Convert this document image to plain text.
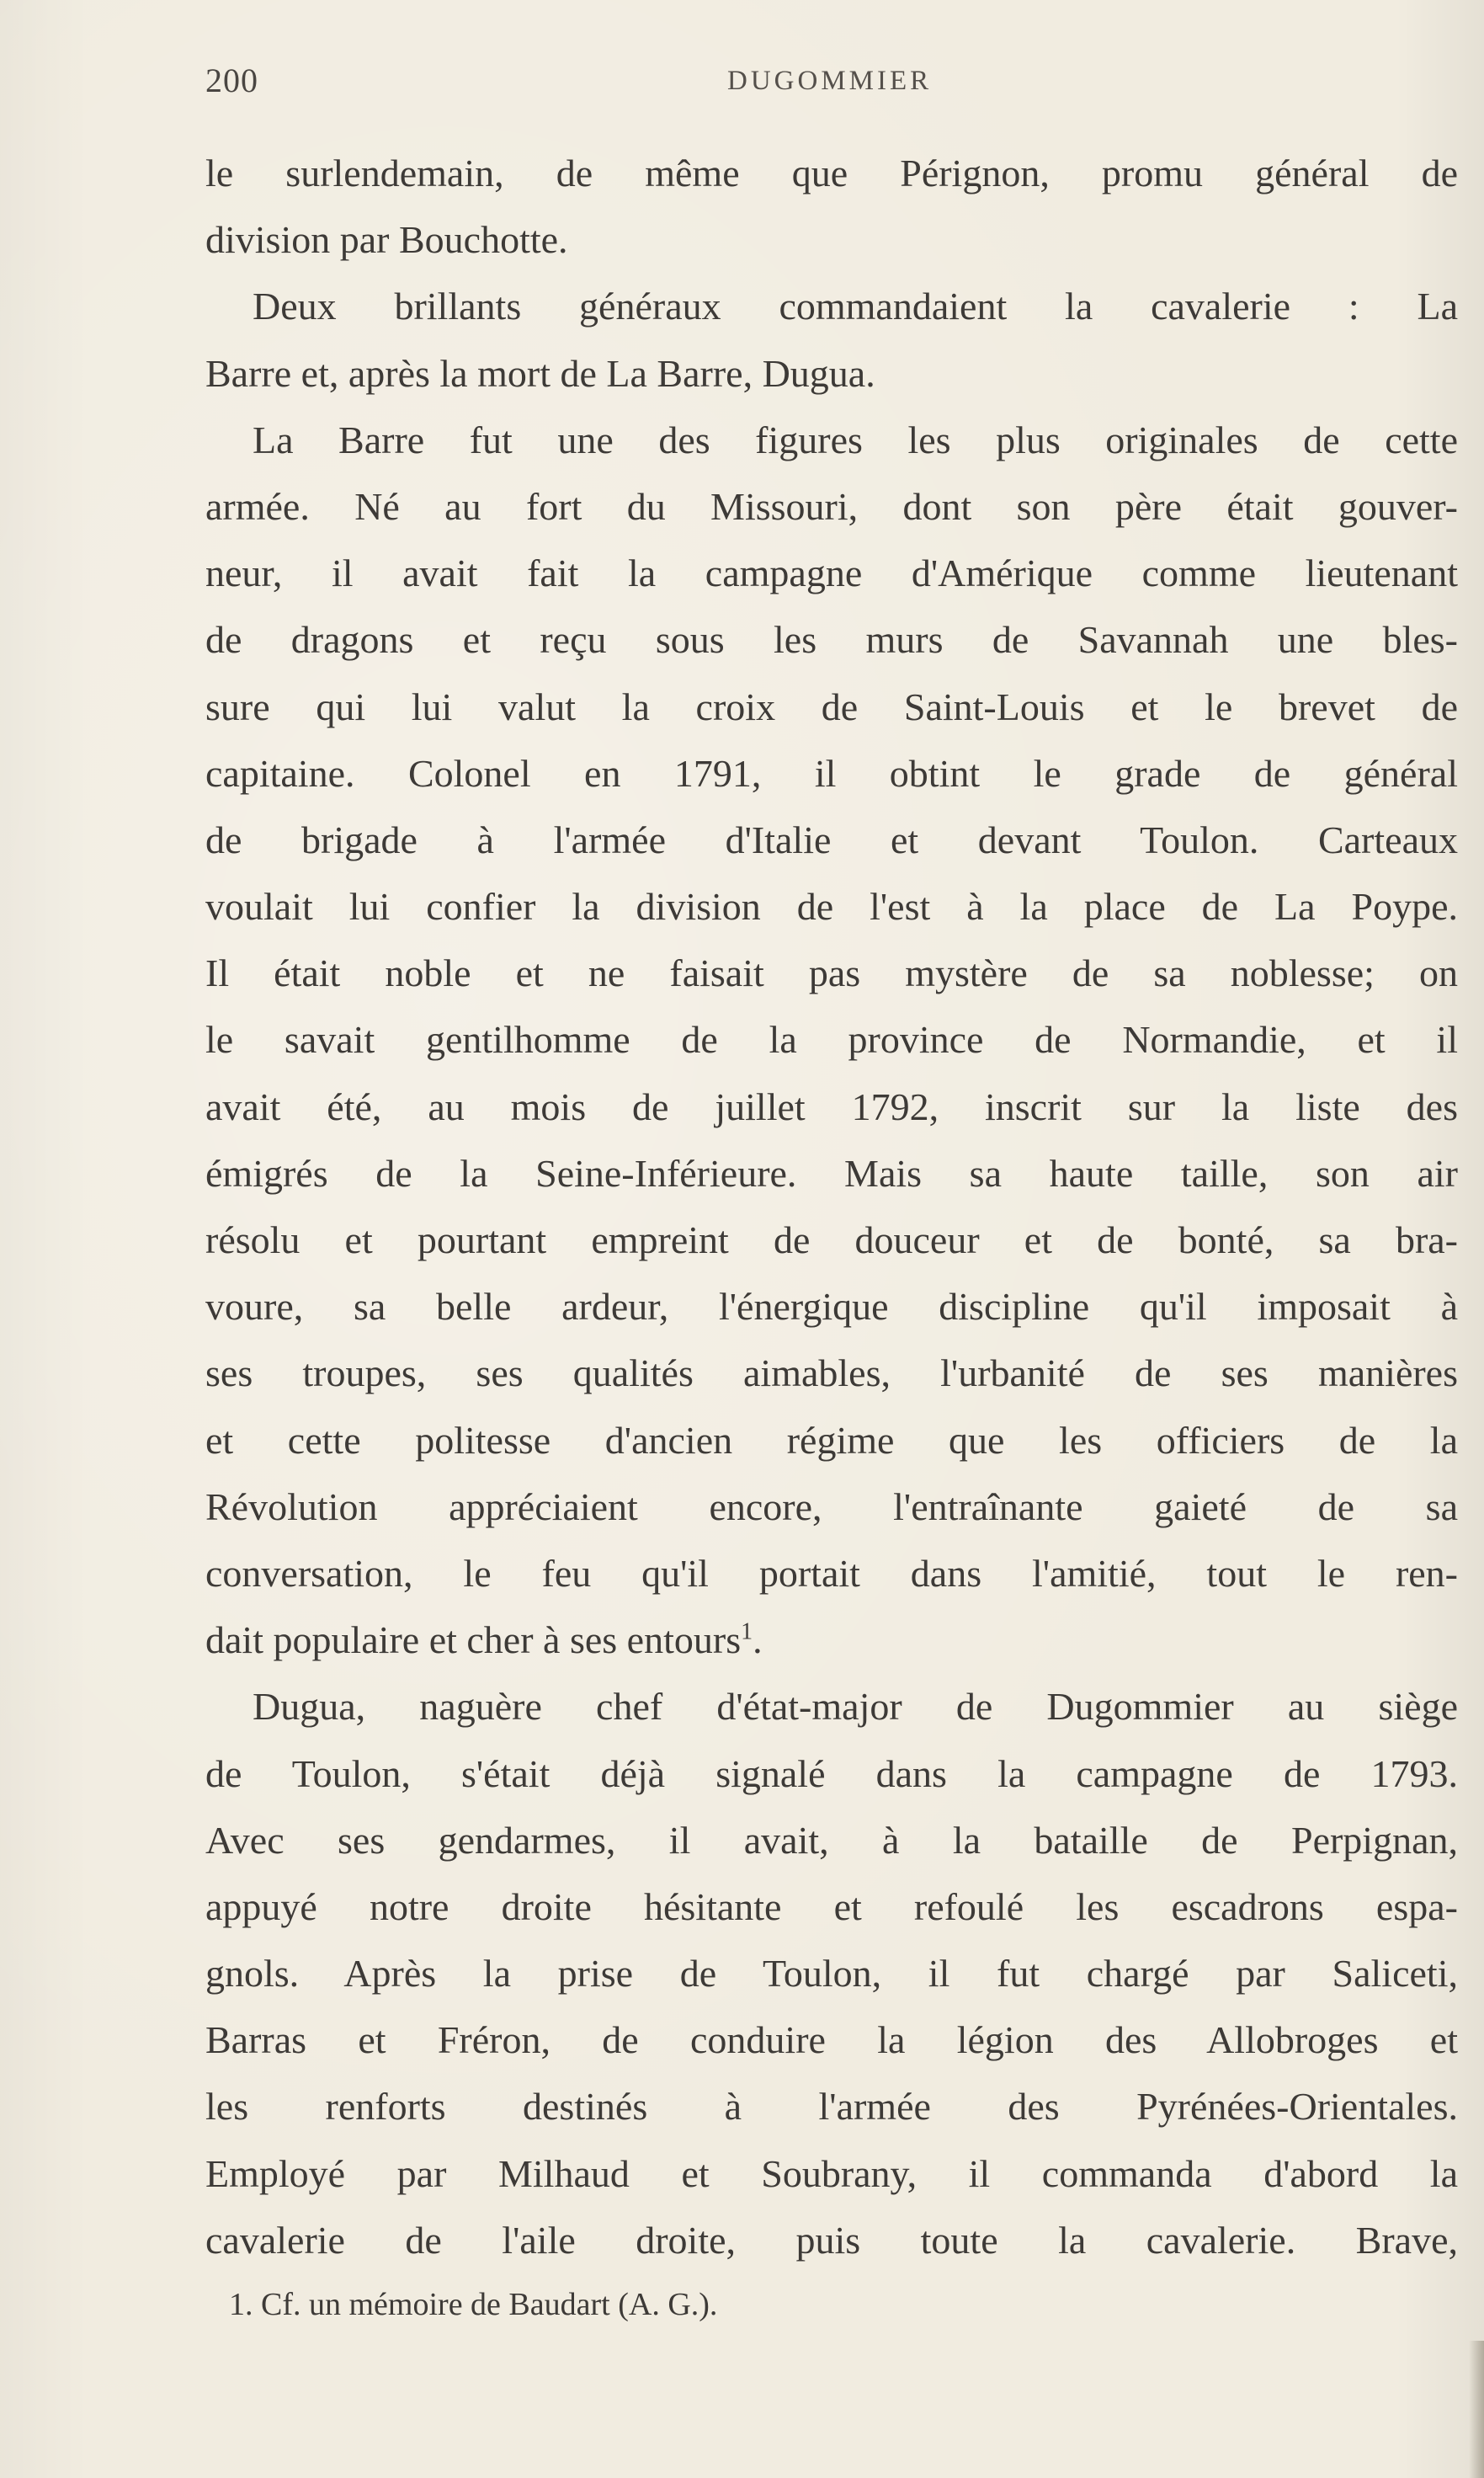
200	DUGOMMIER
le surlendemain, de même que Pérignon, promu général de
division par Bouchotte.
Deux brillants généraux commandaient la cavalerie : La
Barre et, après la mort de La Barre, Dugua.
La Barre fut une des figures les plus originales de cette
armée. Né au fort du Missouri, dont son père était gouver-
neur, il avait fait la campagne d'Amérique comme lieutenant
de dragons et reçu sous les murs de Savannah une bles-
sure qui lui valut la croix de Saint-Louis et le brevet de
capitaine. Colonel en 1791, il obtint le grade de général
de brigade à l'armée d'Italie et devant Toulon. Carteaux
voulait lui confier la division de l'est à la place de La Poype.
Il était noble et ne faisait pas mystère de sa noblesse; on
le savait gentilhomme de la province de Normandie, et il
avait été, au mois de juillet 1792, inscrit sur la liste des
émigrés de la Seine-Inférieure. Mais sa haute taille, son air
résolu et pourtant empreint de douceur et de bonté, sa bra-
voure, sa belle ardeur, l'énergique discipline qu'il imposait à
ses troupes, ses qualités aimables, l'urbanité de ses manières
et cette politesse d'ancien régime que les officiers de la
Révolution appréciaient encore, l'entraînante gaieté de sa
conversation, le feu qu'il portait dans l'amitié, tout le ren-
dait populaire et cher à ses entours$^1$.
Dugua, naguère chef d'état-major de Dugommier au siège
de Toulon, s'était déjà signalé dans la campagne de 1793.
Avec ses gendarmes, il avait, à la bataille de Perpignan,
appuyé notre droite hésitante et refoulé les escadrons espa-
gnols. Après la prise de Toulon, il fut chargé par Saliceti,
Barras et Fréron, de conduire la légion des Allobroges et
les renforts destinés à l'armée des Pyrénées-Orientales.
Employé par Milhaud et Soubrany, il commanda d'abord la
cavalerie de l'aile droite, puis toute la cavalerie. Brave,
1. Cf. un mémoire de Baudart (A. G.).
